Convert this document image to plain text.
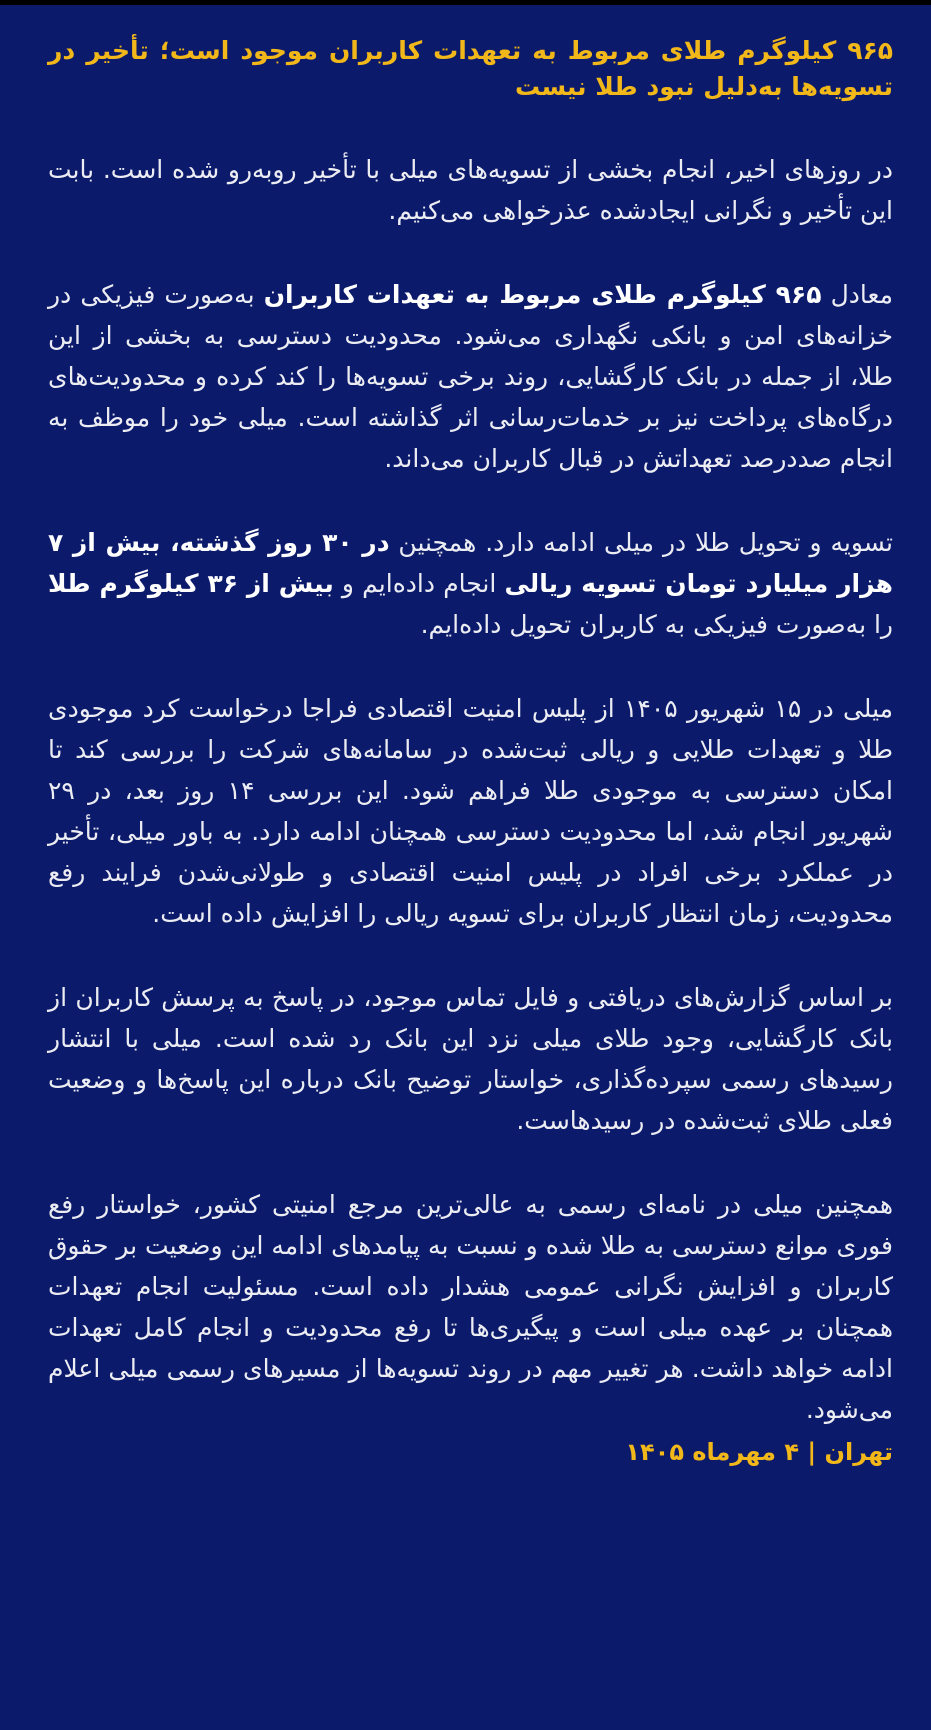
۹۶۵ کیلوگرم طلای مربوط به تعهدات کاربران موجود است؛ تأخیر در تسویه‌ها به‌دلیل نبود طلا نیست

در روزهای اخیر، انجام بخشی از تسویه‌های میلی با تأخیر روبه‌رو شده است. بابت این تأخیر و نگرانی ایجادشده عذرخواهی می‌کنیم.

معادل ۹۶۵ کیلوگرم طلای مربوط به تعهدات کاربران به‌صورت فیزیکی در خزانه‌های امن و بانکی نگهداری می‌شود. محدودیت دسترسی به بخشی از این طلا، از جمله در بانک کارگشایی، روند برخی تسویه‌ها را کند کرده و محدودیت‌های درگاه‌های پرداخت نیز بر خدمات‌رسانی اثر گذاشته است. میلی خود را موظف به انجام صددرصد تعهداتش در قبال کاربران می‌داند.

تسویه و تحویل طلا در میلی ادامه دارد. همچنین در ۳۰ روز گذشته، بیش از ۷ هزار میلیارد تومان تسویه ریالی انجام داده‌ایم و بیش از ۳۶ کیلوگرم طلا را به‌صورت فیزیکی به کاربران تحویل داده‌ایم.

میلی در ۱۵ شهریور ۱۴۰۵ از پلیس امنیت اقتصادی فراجا درخواست کرد موجودی طلا و تعهدات طلایی و ریالی ثبت‌شده در سامانه‌های شرکت را بررسی کند تا امکان دسترسی به موجودی طلا فراهم شود. این بررسی ۱۴ روز بعد، در ۲۹ شهریور انجام شد، اما محدودیت دسترسی همچنان ادامه دارد. به باور میلی، تأخیر در عملکرد برخی افراد در پلیس امنیت اقتصادی و طولانی‌شدن فرایند رفع محدودیت، زمان انتظار کاربران برای تسویه ریالی را افزایش داده است.

بر اساس گزارش‌های دریافتی و فایل تماس موجود، در پاسخ به پرسش کاربران از بانک کارگشایی، وجود طلای میلی نزد این بانک رد شده است. میلی با انتشار رسیدهای رسمی سپرده‌گذاری، خواستار توضیح بانک درباره این پاسخ‌ها و وضعیت فعلی طلای ثبت‌شده در رسیدهاست.

همچنین میلی در نامه‌ای رسمی به عالی‌ترین مرجع امنیتی کشور، خواستار رفع فوری موانع دسترسی به طلا شده و نسبت به پیامدهای ادامه این وضعیت بر حقوق کاربران و افزایش نگرانی عمومی هشدار داده است. مسئولیت انجام تعهدات همچنان بر عهده میلی است و پیگیری‌ها تا رفع محدودیت و انجام کامل تعهدات ادامه خواهد داشت. هر تغییر مهم در روند تسویه‌ها از مسیرهای رسمی میلی اعلام می‌شود.

تهران | ۴ مهرماه ۱۴۰۵
